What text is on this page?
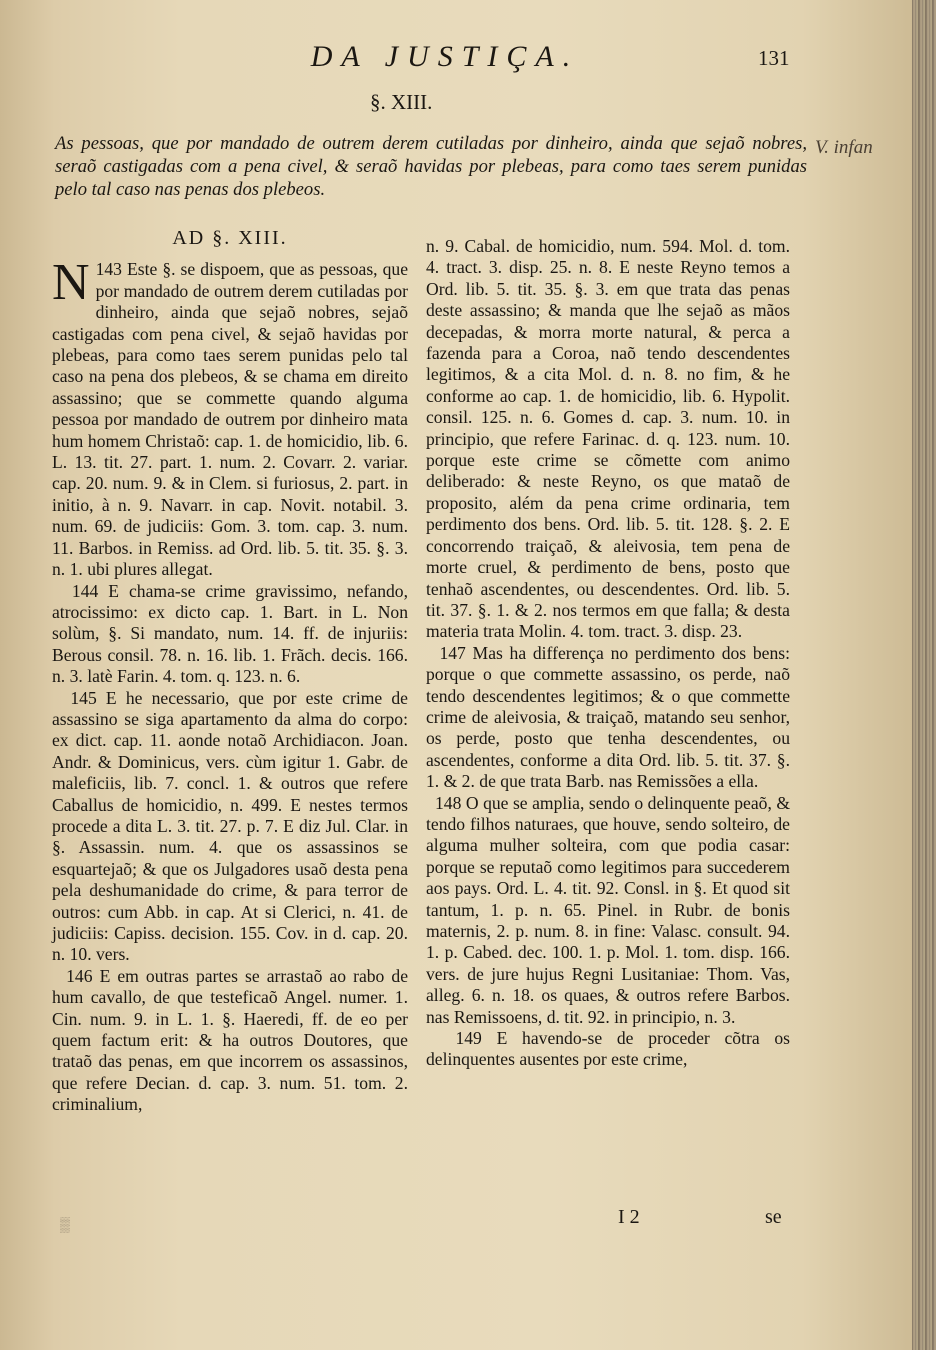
DA JUSTIÇA.	131
§. XIII.
As pessoas, que por mandado de outrem derem cutiladas por dinheiro, ainda que sejaõ nobres, seraõ castigadas com a pena civel, & seraõ havidas por plebeas, para como taes serem punidas pelo tal caso nas penas dos plebeos.
V. infan

AD §. XIII.

143
N Este §. se dispoem, que as pessoas, que por mandado de outrem derem cutiladas por dinheiro, ainda que sejaõ nobres, sejaõ castigadas com pena civel, & sejaõ havidas por plebeas, para como taes serem punidas pelo tal caso na pena dos plebeos, & se chama em direito assassino; que se commette quando alguma pessoa por mandado de outrem por dinheiro mata hum homem Christaõ: cap. 1. de homicidio, lib. 6. L. 13. tit. 27. part. 1. num. 2. Covarr. 2. variar. cap. 20. num. 9. & in Clem. si furiosus, 2. part. in initio, à n. 9. Navarr. in cap. Novit. notabil. 3. num. 69. de judiciis: Gom. 3. tom. cap. 3. num. 11. Barbos. in Remiss. ad Ord. lib. 5. tit. 35. §. 3. n. 1. ubi plures allegat.

144 E chama-se crime gravissimo, nefando, atrocissimo: ex dicto cap. 1. Bart. in L. Non solùm, §. Si mandato, num. 14. ff. de injuriis: Berous consil. 78. n. 16. lib. 1. Frãch. decis. 166. n. 3. latè Farin. 4. tom. q. 123. n. 6.

145 E he necessario, que por este crime de assassino se siga apartamento da alma do corpo: ex dict. cap. 11. aonde notaõ Archidiacon. Joan. Andr. & Dominicus, vers. cùm igitur 1. Gabr. de maleficiis, lib. 7. concl. 1. & outros que refere Caballus de homicidio, n. 499. E nestes termos procede a dita L. 3. tit. 27. p. 7. E diz Jul. Clar. in §. Assassin. num. 4. que os assassinos se esquartejaõ; & que os Julgadores usaõ desta pena pela deshumanidade do crime, & para terror de outros: cum Abb. in cap. At si Clerici, n. 41. de judiciis: Capiss. decision. 155. Cov. in d. cap. 20. n. 10. vers.

146 E em outras partes se arrastaõ ao rabo de hum cavallo, de que testeficaõ Angel. numer. 1. Cin. num. 9. in L. 1. §. Haeredi, ff. de eo per quem factum erit: & ha outros Doutores, que trataõ das penas, em que incorrem os assassinos, que refere Decian. d. cap. 3. num. 51. tom. 2. criminalium,

n. 9. Cabal. de homicidio, num. 594. Mol. d. tom. 4. tract. 3. disp. 25. n. 8. E neste Reyno temos a Ord. lib. 5. tit. 35. §. 3. em que trata das penas deste assassino; & manda que lhe sejaõ as mãos decepadas, & morra morte natural, & perca a fazenda para a Coroa, naõ tendo descendentes legitimos, & a cita Mol. d. n. 8. no fim, & he conforme ao cap. 1. de homicidio, lib. 6. Hypolit. consil. 125. n. 6. Gomes d. cap. 3. num. 10. in principio, que refere Farinac. d. q. 123. num. 10. porque este crime se cõmette com animo deliberado: & neste Reyno, os que mataõ de proposito, além da pena crime ordinaria, tem perdimento dos bens. Ord. lib. 5. tit. 128. §. 2. E concorrendo traiçaõ, & aleivosia, tem pena de morte cruel, & perdimento de bens, posto que tenhaõ ascendentes, ou descendentes. Ord. lib. 5. tit. 37. §. 1. & 2. nos termos em que falla; & desta materia trata Molin. 4. tom. tract. 3. disp. 23.

147 Mas ha differença no perdimento dos bens: porque o que commette assassino, os perde, naõ tendo descendentes legitimos; & o que commette crime de aleivosia, & traiçaõ, matando seu senhor, os perde, posto que tenha descendentes, ou ascendentes, conforme a dita Ord. lib. 5. tit. 37. §. 1. & 2. de que trata Barb. nas Remissões a ella.

148 O que se amplia, sendo o delinquente peaõ, & tendo filhos naturaes, que houve, sendo solteiro, de alguma mulher solteira, com que podia casar: porque se reputaõ como legitimos para succederem aos pays. Ord. L. 4. tit. 92. Consl. in §. Et quod sit tantum, 1. p. n. 65. Pinel. in Rubr. de bonis maternis, 2. p. num. 8. in fine: Valasc. consult. 94. 1. p. Cabed. dec. 100. 1. p. Mol. 1. tom. disp. 166. vers. de jure hujus Regni Lusitaniae: Thom. Vas, alleg. 6. n. 18. os quaes, & outros refere Barbos. nas Remissoens, d. tit. 92. in principio, n. 3.

149 E havendo-se de proceder cõtra os delinquentes ausentes por este crime,

I 2	se
▒
